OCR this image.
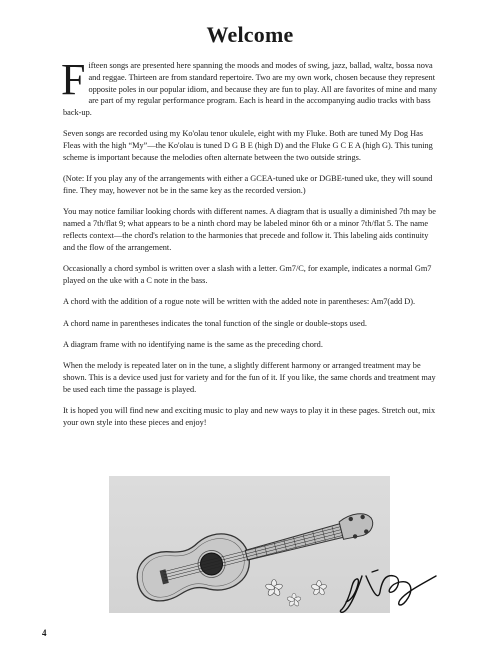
Welcome

Fifteen songs are presented here spanning the moods and modes of swing, jazz, ballad, waltz, bossa nova and reggae. Thirteen are from standard repertoire. Two are my own work, chosen because they represent opposite poles in our popular idiom, and because they are fun to play. All are favorites of mine and many are part of my regular performance program. Each is heard in the accompanying audio tracks with bass back-up.

Seven songs are recorded using my Ko'olau tenor ukulele, eight with my Fluke. Both are tuned My Dog Has Fleas with the high “My”—the Ko'olau is tuned D G B E (high D) and the Fluke G C E A (high G). This tuning scheme is important because the melodies often alternate between the two outside strings.

(Note: If you play any of the arrangements with either a GCEA-tuned uke or DGBE-tuned uke, they will sound fine. They may, however not be in the same key as the recorded version.)

You may notice familiar looking chords with different names. A diagram that is usually a diminished 7th may be named a 7th/flat 9; what appears to be a ninth chord may be labeled minor 6th or a minor 7th/flat 5. The name reflects context—the chord's relation to the harmonies that precede and follow it. This labeling aids continuity and the flow of the arrangement.

Occasionally a chord symbol is written over a slash with a letter. Gm7/C, for example, indicates a normal Gm7 played on the uke with a C note in the bass.

A chord with the addition of a rogue note will be written with the added note in parentheses: Am7(add D).

A chord name in parentheses indicates the tonal function of the single or double-stops used.

A diagram frame with no identifying name is the same as the preceding chord.

When the melody is repeated later on in the tune, a slightly different harmony or arranged treatment may be shown. This is a device used just for variety and for the fun of it. If you like, the same chords and treatment may be used each time the passage is played.

It is hoped you will find new and exciting music to play and new ways to play it in these pages. Stretch out, mix your own style into these pieces and enjoy!

4
